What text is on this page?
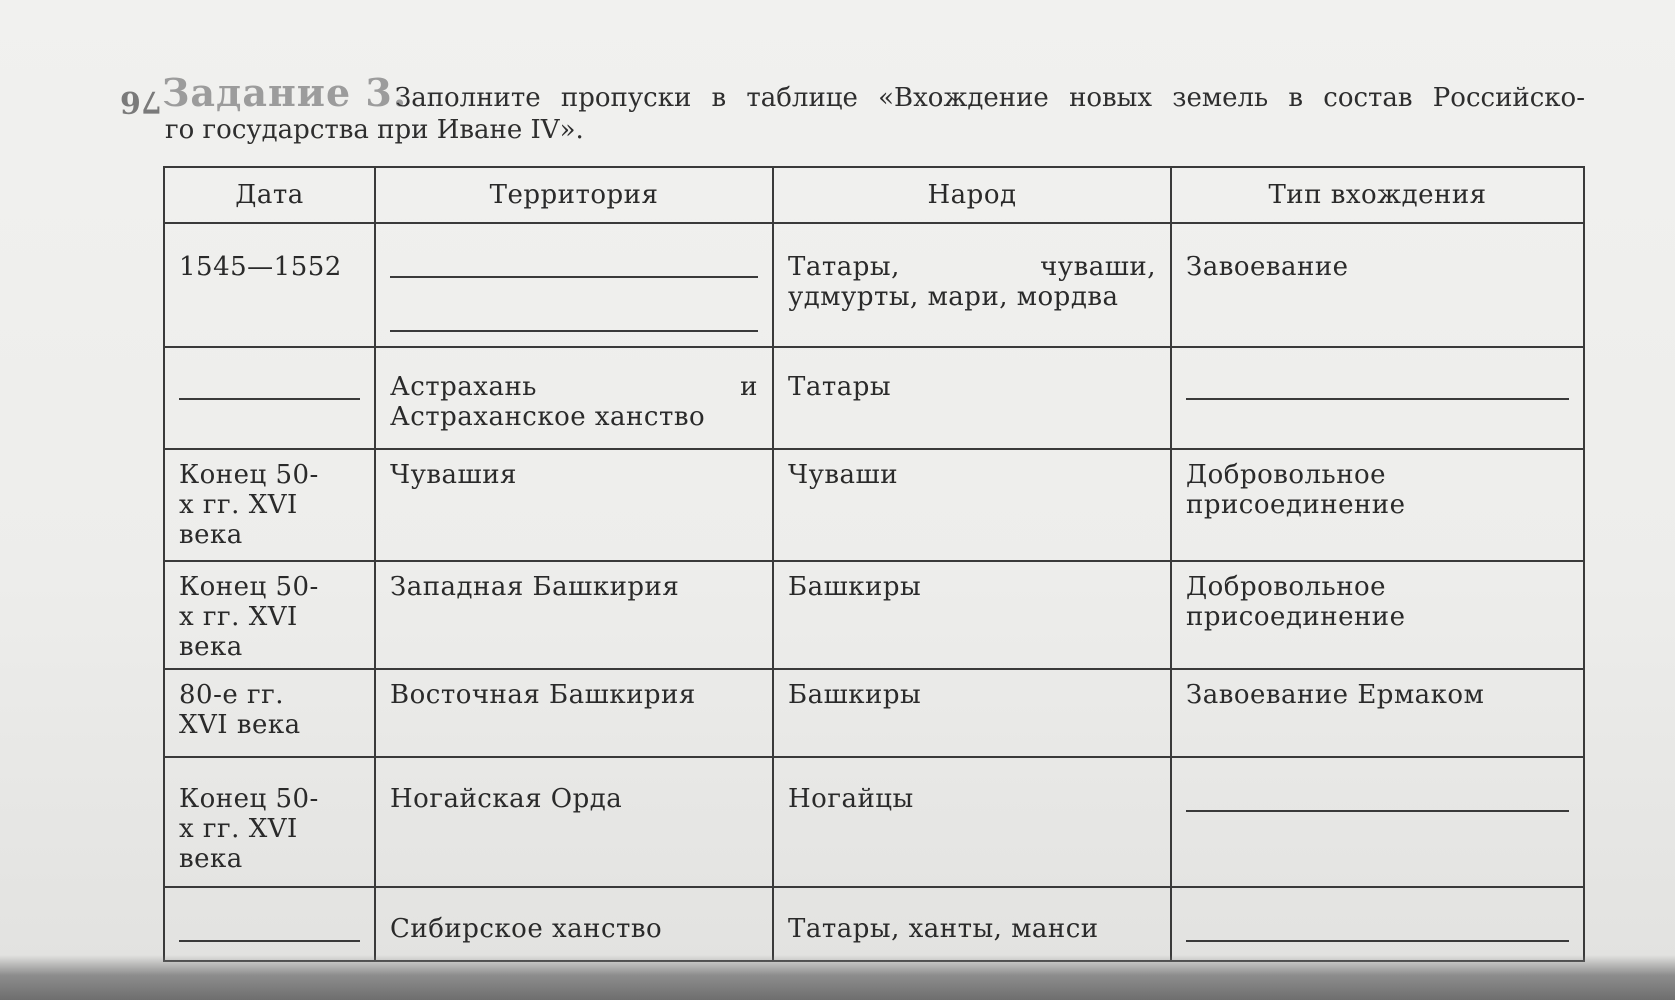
76 Задание 3.
Заполните пропуски в таблице «Вхождение новых земель в состав Российско-
го государства при Иване IV».
Дата	Территория	Народ	Тип вхождения

1545—1552		Татары, чуваши, удмурты, мари, мордва	Завоевание

	Астрахань и Астраханское ханство	Татары	

Конец 50-х гг. XVI века	Чувашия	Чуваши	Добровольное присоединение

Конец 50-х гг. XVI века	Западная Башкирия	Башкиры	Добровольное присоединение

80-е гг. XVI века	Восточная Башкирия	Башкиры	Завоевание Ермаком

Конец 50-х гг. XVI века	Ногайская Орда	Ногайцы	

	Сибирское ханство	Татары, ханты, манси	
